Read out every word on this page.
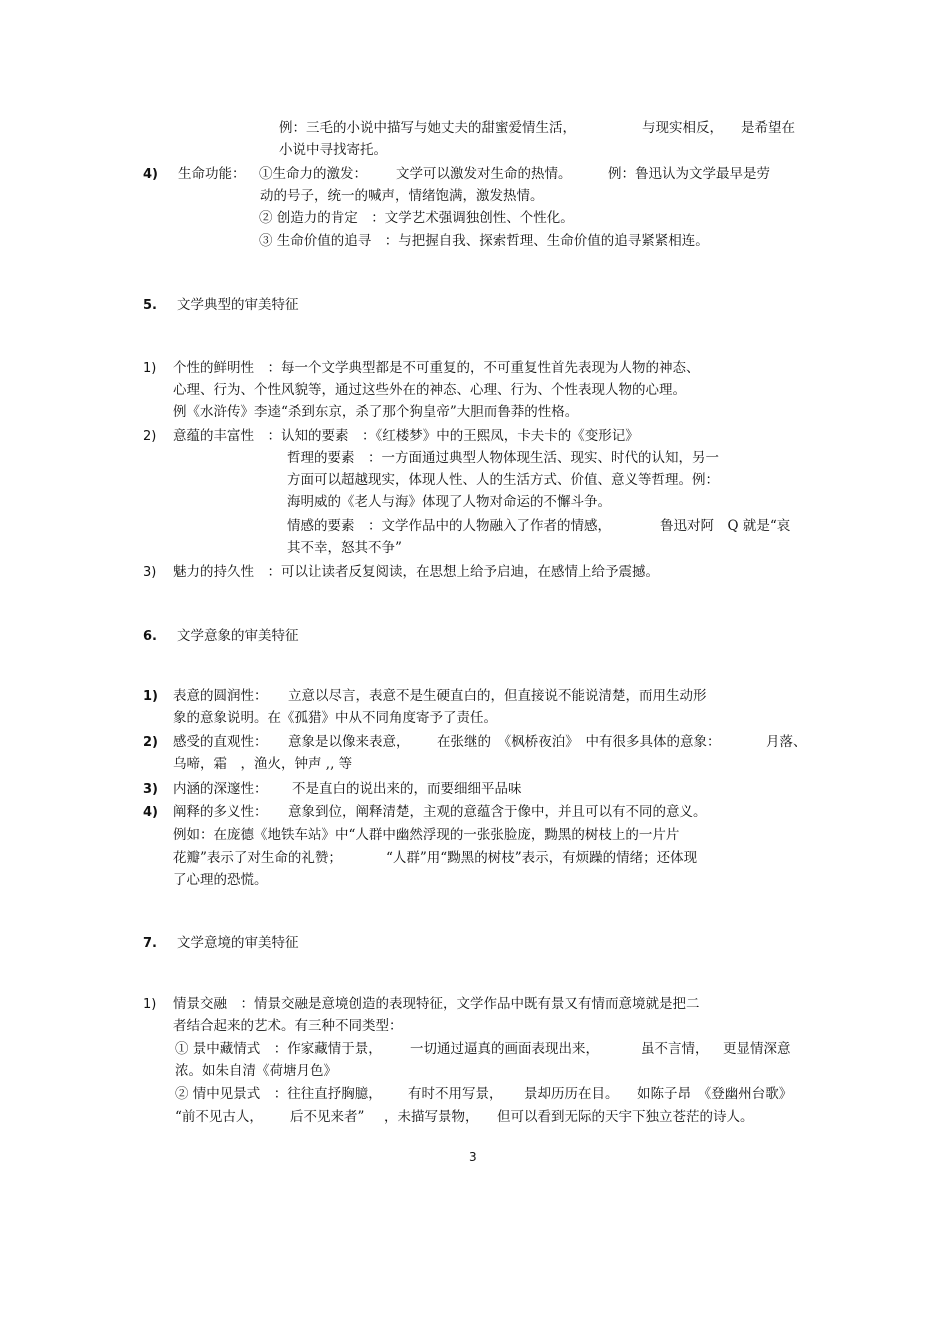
例：三毛的小说中描写与她丈夫的甜蜜爱情生活，	与现实相反， 是希望在
小说中寻找寄托。
4) 生命功能： ①生命力的激发： 文学可以激发对生命的热情。	例：鲁迅认为文学最早是劳
动的号子，统一的喊声，情绪饱满，激发热情。
② 创造力的肯定　：文学艺术强调独创性、个性化。
③ 生命价值的追寻　：与把握自我、探索哲理、生命价值的追寻紧紧相连。
5. 文学典型的审美特征
1) 个性的鲜明性　：每一个文学典型都是不可重复的，不可重复性首先表现为人物的神态、
心理、行为、个性风貌等，通过这些外在的神态、心理、行为、个性表现人物的心理。
例《水浒传》李逵“杀到东京，杀了那个狗皇帝”大胆而鲁莽的性格。
2) 意蕴的丰富性　：认知的要素　：《红楼梦》中的王熙凤，卡夫卡的《变形记》
哲理的要素　：一方面通过典型人物体现生活、现实、时代的认知，另一
方面可以超越现实，体现人性、人的生活方式、价值、意义等哲理。例：
海明威的《老人与海》体现了人物对命运的不懈斗争。
情感的要素　：文学作品中的人物融入了作者的情感，	鲁迅对阿　Q 就是“哀
其不幸，怒其不争”
3) 魅力的持久性　：可以让读者反复阅读，在思想上给予启迪，在感情上给予震撼。
6. 文学意象的审美特征
1) 表意的圆润性： 立意以尽言，表意不是生硬直白的，但直接说不能说清楚，而用生动形
象的意象说明。在《孤猎》中从不同角度寄予了责任。
2) 感受的直观性： 意象是以像来表意， 在张继的　《枫桥夜泊》　中有很多具体的意象：	月落、
乌啼，霜　，渔火，钟声 ,, 等
3) 内涵的深邃性： 不是直白的说出来的，而要细细平品味
4) 阐释的多义性： 意象到位，阐释清楚，主观的意蕴含于像中，并且可以有不同的意义。
例如：在庞德《地铁车站》中“人群中幽然浮现的一张张脸庞，黝黑的树枝上的一片片
花瓣”表示了对生命的礼赞；	“人群”用“黝黑的树枝”表示，有烦躁的情绪；还体现
了心理的恐慌。
7. 文学意境的审美特征
1) 情景交融　：情景交融是意境创造的表现特征，文学作品中既有景又有情而意境就是把二
者结合起来的艺术。有三种不同类型：
① 景中藏情式　：作家藏情于景， 一切通过逼真的画面表现出来，	虽不言情， 更显情深意
浓。如朱自清《荷塘月色》
② 情中见景式　：往往直抒胸臆， 有时不用写景， 景却历历在目。 如陈子昂　《登幽州台歌》
“前不见古人， 后不见来者” ，未描写景物， 但可以看到无际的天宇下独立苍茫的诗人。
3
